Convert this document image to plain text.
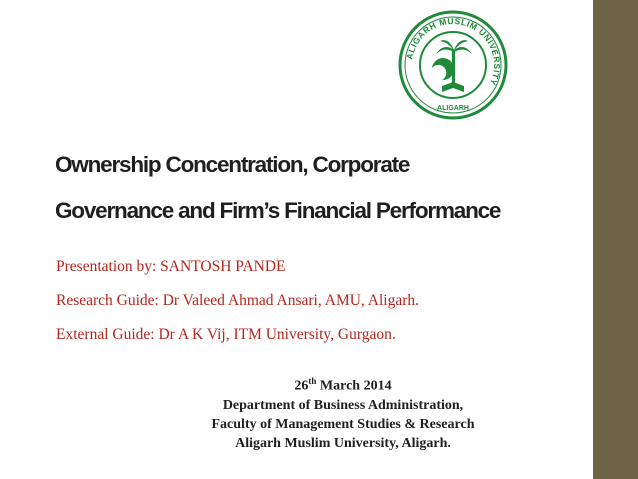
ALIGARH MUSLIM UNIVERSITY
ALIGARH
Ownership Concentration, Corporate
Governance and Firm’s Financial Performance

Presentation by: SANTOSH PANDE

Research Guide: Dr Valeed Ahmad Ansari, AMU, Aligarh.

External Guide: Dr A K Vij, ITM University, Gurgaon.

26th March 2014
Department of Business Administration,
Faculty of Management Studies & Research
Aligarh Muslim University, Aligarh.
